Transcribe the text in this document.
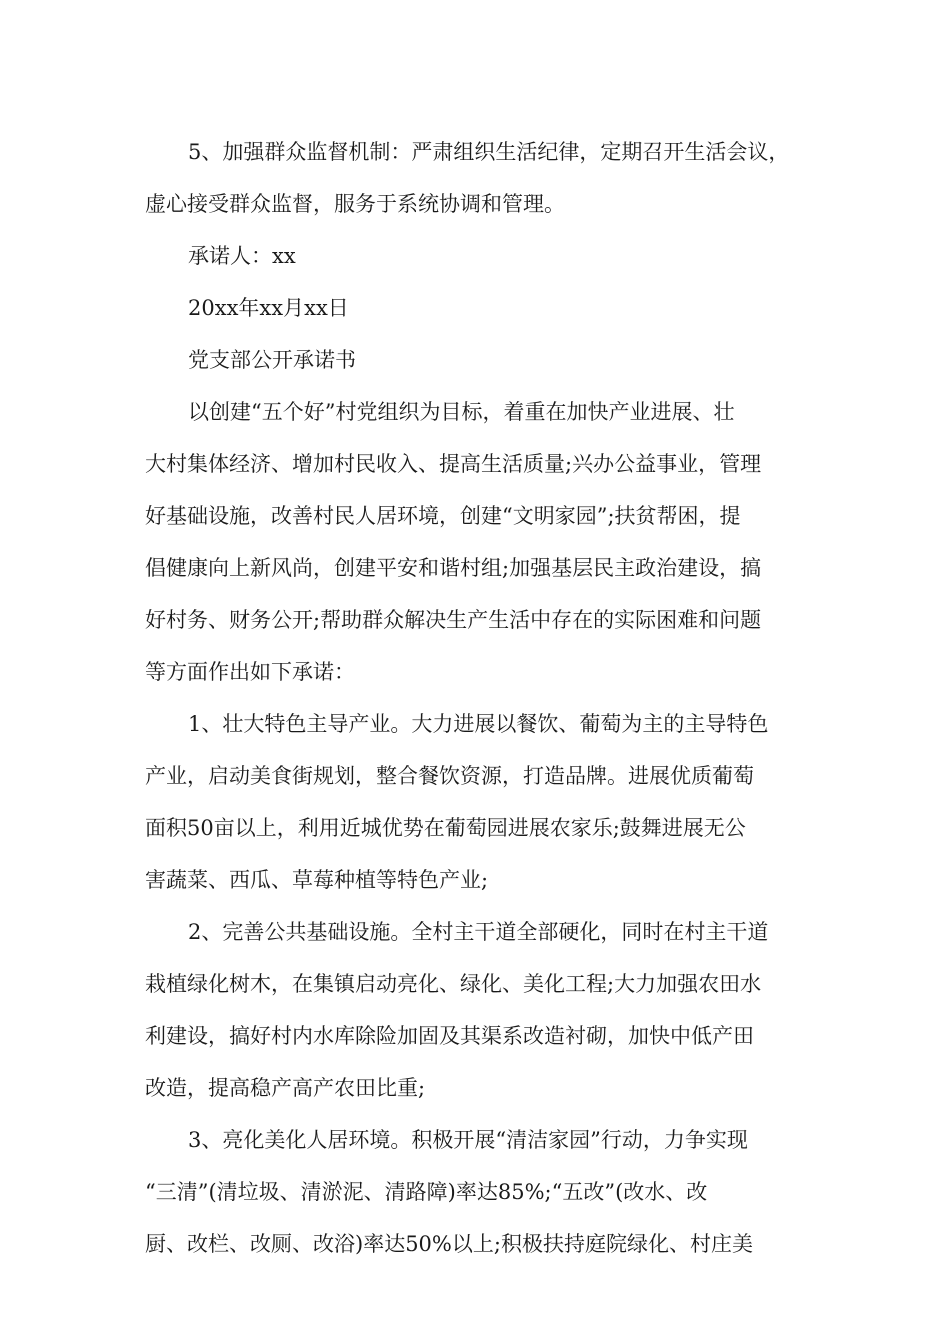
5、加强群众监督机制：严肃组织生活纪律，定期召开生活会议，
虚心接受群众监督，服务于系统协调和管理。
承诺人：xx
20xx年xx月xx日
党支部公开承诺书
以创建“五个好”村党组织为目标，着重在加快产业进展、壮
大村集体经济、增加村民收入、提高生活质量;兴办公益事业，管理
好基础设施，改善村民人居环境，创建“文明家园”;扶贫帮困，提
倡健康向上新风尚，创建平安和谐村组;加强基层民主政治建设，搞
好村务、财务公开;帮助群众解决生产生活中存在的实际困难和问题
等方面作出如下承诺：
1、壮大特色主导产业。大力进展以餐饮、葡萄为主的主导特色
产业，启动美食街规划，整合餐饮资源，打造品牌。进展优质葡萄
面积50亩以上，利用近城优势在葡萄园进展农家乐;鼓舞进展无公
害蔬菜、西瓜、草莓种植等特色产业;
2、完善公共基础设施。全村主干道全部硬化，同时在村主干道
栽植绿化树木，在集镇启动亮化、绿化、美化工程;大力加强农田水
利建设，搞好村内水库除险加固及其渠系改造衬砌，加快中低产田
改造，提高稳产高产农田比重;
3、亮化美化人居环境。积极开展“清洁家园”行动，力争实现
“三清”(清垃圾、清淤泥、清路障)率达85%;“五改”(改水、改
厨、改栏、改厕、改浴)率达50%以上;积极扶持庭院绿化、村庄美
